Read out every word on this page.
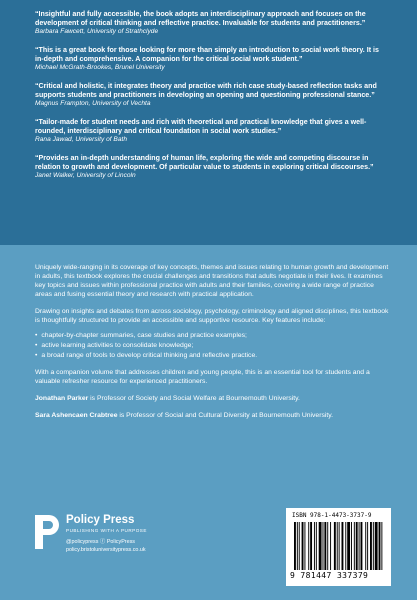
“Insightful and fully accessible, the book adopts an interdisciplinary approach and focuses on the development of critical thinking and reflective practice. Invaluable for students and practitioners.”
Barbara Fawcett, University of Strathclyde
“This is a great book for those looking for more than simply an introduction to social work theory. It is in-depth and comprehensive. A companion for the critical social work student.”
Michael McGrath-Brookes, Brunel University
“Critical and holistic, it integrates theory and practice with rich case study-based reflection tasks and supports students and practitioners in developing an opening and questioning professional stance.”
Magnus Frampton, University of Vechta
“Tailor-made for student needs and rich with theoretical and practical knowledge that gives a well-rounded, interdisciplinary and critical foundation in social work studies.”
Rana Jawad, University of Bath
“Provides an in-depth understanding of human life, exploring the wide and competing discourse in relation to growth and development. Of particular value to students in exploring critical discourses.”
Janet Walker, University of Lincoln

Uniquely wide-ranging in its coverage of key concepts, themes and issues relating to human growth and development in adults, this textbook explores the crucial challenges and transitions that adults negotiate in their lives. It examines key topics and issues within professional practice with adults and their families, covering a wide range of practice areas and fusing essential theory and research with practical application.

Drawing on insights and debates from across sociology, psychology, criminology and aligned disciplines, this textbook is thoughtfully structured to provide an accessible and supportive resource. Key features include:

• chapter-by-chapter summaries, case studies and practice examples;
• active learning activities to consolidate knowledge;
• a broad range of tools to develop critical thinking and reflective practice.

With a companion volume that addresses children and young people, this is an essential tool for students and a valuable refresher resource for experienced practitioners.

Jonathan Parker is Professor of Society and Social Welfare at Bournemouth University.

Sara Ashencaen Crabtree is Professor of Social and Cultural Diversity at Bournemouth University.

Policy Press
PUBLISHING WITH A PURPOSE
@policypress ⓕ PolicyPress
policy.bristoluniversitypress.co.uk
ISBN 978-1-4473-3737-9
9 781447 337379
